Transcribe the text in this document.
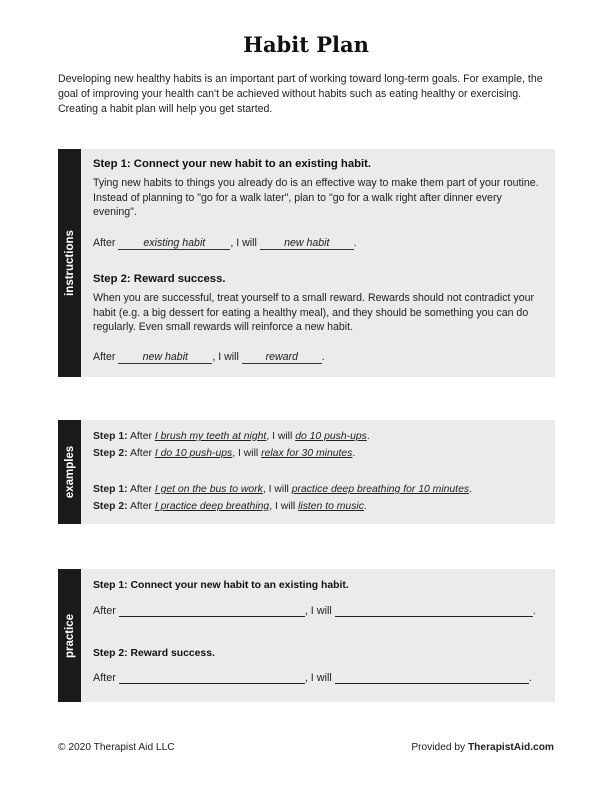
Habit Plan
Developing new healthy habits is an important part of working toward long-term goals. For example, the goal of improving your health can't be achieved without habits such as eating healthy or exercising. Creating a habit plan will help you get started.
instructions
Step 1: Connect your new habit to an existing habit.
Tying new habits to things you already do is an effective way to make them part of your routine. Instead of planning to "go for a walk later", plan to "go for a walk right after dinner every evening".
After	existing habit , I will	new habit .
Step 2: Reward success.
When you are successful, treat yourself to a small reward. Rewards should not contradict your habit (e.g. a big dessert for eating a healthy meal), and they should be something you can do regularly. Even small rewards will reinforce a new habit.
After	new habit , I will	reward .
examples
Step 1: After I brush my teeth at night, I will do 10 push-ups.
Step 2: After I do 10 push-ups, I will relax for 30 minutes.
Step 1: After I get on the bus to work, I will practice deep breathing for 10 minutes.
Step 2: After I practice deep breathing, I will listen to music.
practice
Step 1: Connect your new habit to an existing habit.
After	, I will	.
Step 2: Reward success.
After	, I will	.
© 2020 Therapist Aid LLC	Provided by TherapistAid.com
